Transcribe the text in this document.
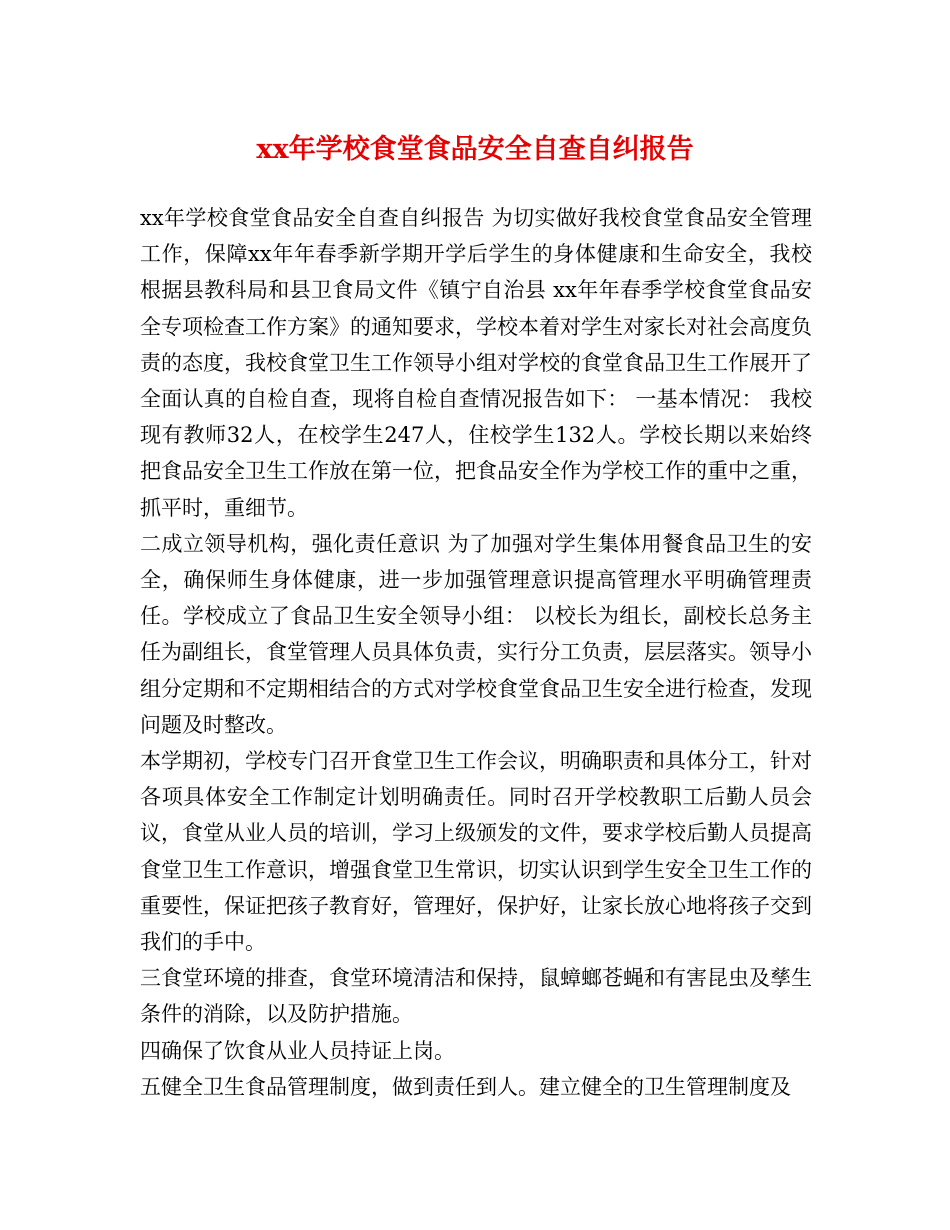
xx年学校食堂食品安全自查自纠报告

xx年学校食堂食品安全自查自纠报告 为切实做好我校食堂食品安全管理工作，保障xx年年春季新学期开学后学生的身体健康和生命安全，我校根据县教科局和县卫食局文件《镇宁自治县 xx年年春季学校食堂食品安全专项检查工作方案》的通知要求，学校本着对学生对家长对社会高度负责的态度，我校食堂卫生工作领导小组对学校的食堂食品卫生工作展开了全面认真的自检自查，现将自检自查情况报告如下： 一基本情况： 我校现有教师32人，在校学生247人，住校学生132人。学校长期以来始终把食品安全卫生工作放在第一位，把食品安全作为学校工作的重中之重，抓平时，重细节。

二成立领导机构，强化责任意识 为了加强对学生集体用餐食品卫生的安全，确保师生身体健康，进一步加强管理意识提高管理水平明确管理责任。学校成立了食品卫生安全领导小组： 以校长为组长，副校长总务主任为副组长，食堂管理人员具体负责，实行分工负责，层层落实。领导小组分定期和不定期相结合的方式对学校食堂食品卫生安全进行检查，发现问题及时整改。

本学期初，学校专门召开食堂卫生工作会议，明确职责和具体分工，针对各项具体安全工作制定计划明确责任。同时召开学校教职工后勤人员会议，食堂从业人员的培训，学习上级颁发的文件，要求学校后勤人员提高食堂卫生工作意识，增强食堂卫生常识，切实认识到学生安全卫生工作的重要性，保证把孩子教育好，管理好，保护好，让家长放心地将孩子交到我们的手中。

三食堂环境的排查，食堂环境清洁和保持，鼠蟑螂苍蝇和有害昆虫及孳生条件的消除，以及防护措施。

四确保了饮食从业人员持证上岗。

五健全卫生食品管理制度，做到责任到人。建立健全的卫生管理制度及
